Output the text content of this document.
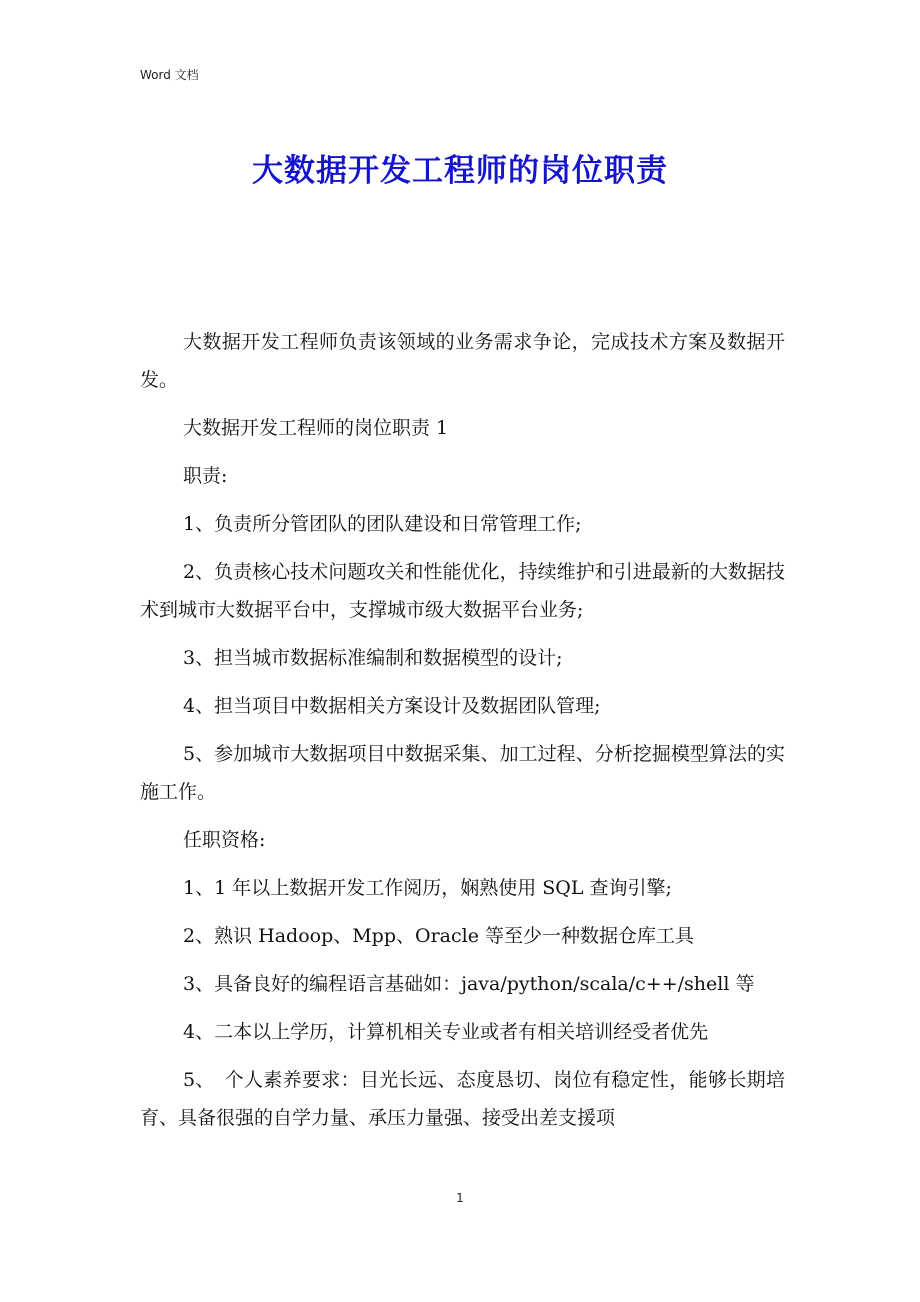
Word 文档
大数据开发工程师的岗位职责

大数据开发工程师负责该领域的业务需求争论，完成技术方案及数据开发。

大数据开发工程师的岗位职责 1

职责:

1、负责所分管团队的团队建设和日常管理工作;

2、负责核心技术问题攻关和性能优化，持续维护和引进最新的大数据技术到城市大数据平台中，支撑城市级大数据平台业务;

3、担当城市数据标准编制和数据模型的设计;

4、担当项目中数据相关方案设计及数据团队管理;

5、参加城市大数据项目中数据采集、加工过程、分析挖掘模型算法的实施工作。

任职资格:

1、1 年以上数据开发工作阅历，娴熟使用 SQL 查询引擎;

2、熟识 Hadoop、Mpp、Oracle 等至少一种数据仓库工具

3、具备良好的编程语言基础如：java/python/scala/c++/shell 等

4、二本以上学历，计算机相关专业或者有相关培训经受者优先

5、　个人素养要求：目光长远、态度恳切、岗位有稳定性，能够长期培育、具备很强的自学力量、承压力量强、接受出差支援项

1
